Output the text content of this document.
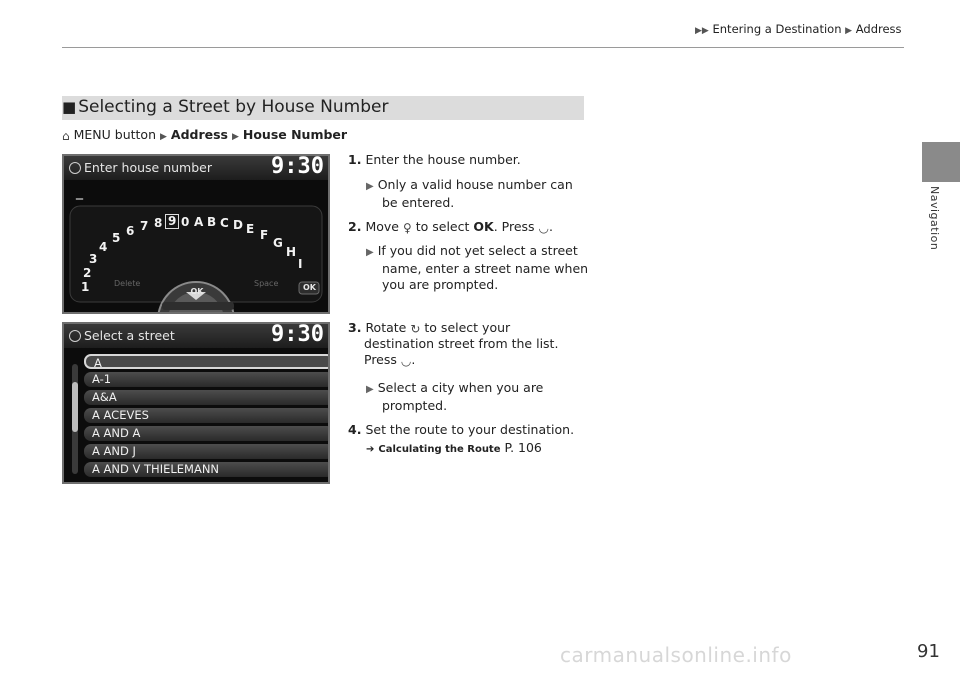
▶▶ Entering a Destination ▶ Address
Navigation
■ Selecting a Street by House Number
⌂ MENU button ▶ Address ▶ House Number
Enter house number	9:30
_
OK	OK
Delete	Space
1
2
3
4
5 6 7 8 9 0 A B C D E F
G
H
I
Select a street	9:30
A
A-1
A&A
A ACEVES
A AND A
A AND J
A AND V THIELEMANN
1. Enter the house number.
▶ Only a valid house number can
be entered.
2. Move ♀ to select OK. Press ◡.
▶ If you did not yet select a street
name, enter a street name when
you are prompted.
3. Rotate ↻ to select your
destination street from the list.
Press ◡.
▶ Select a city when you are
prompted.
4. Set the route to your destination.
➔ Calculating the Route P. 106
carmanualsonline.info	91
